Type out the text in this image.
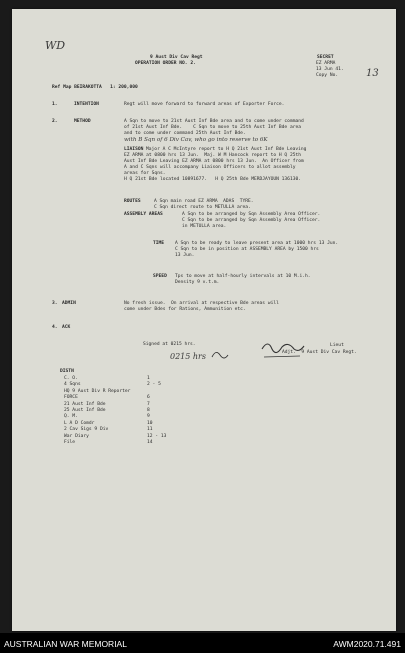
WD
9 Aust Div Cav Regt
OPERATION ORDER NO. 2.
SECRET
EZ ARMA
13 Jun 41.
Copy No.	13
Ref Map BEIRAKOTTA   1: 200,000
1.	INTENTION	Regt will move forward to forward areas of Exporter Force.
2.	METHOD	A Sqn to move to 21st Aust Inf Bde area and to come under command
of 21st Aust Inf Bde.    C Sqn to move to 25th Aust Inf Bde area
and to come under command 25th Aust Inf Bde.
with B Sqn of 6 Div Cav, who go into reserve to 6K
LIAISON Major A C McIntyre report to H Q 21st Aust Inf Bde Leaving
EZ ARMA at 0800 hrs 13 Jun.  Maj. W M Hancock report to H Q 25th
Aust Inf Bde Leaving EZ ARMA at 0800 hrs 13 Jun.  An Officer from
A and C Sqns will accompany Liaison Officers to allot assembly
areas for Sqns.
H Q 21st Bde located 10891677.   H Q 25th Bde MERDJAYOUN 136130.
ROUTES	A Sqn main road EZ ARMA  ADAS  TYRE.
C Sqn direct route to METULLA area.
ASSEMBLY AREAS	A Sqn to be arranged by Sqn Assembly Area Officer.
C Sqn to be arranged by Sqn Assembly Area Officer.
in METULLA area.
TIME A Sqn to be ready to leave present area at 1000 hrs 13 Jun.
C Sqn to be in position at ASSEMBLY AREA by 1500 hrs
13 Jun.
SPEED Tps to move at half-hourly intervals at 10 M.i.h.
Density 9 v.t.m.
3. ADMIN	No fresh issue.  On arrival at respective Bde areas will
come under Bdes for Rations, Ammunition etc.
4. ACK
Signed at 0215 hrs.
0215 hrs
Lieut
Adjt.  9 Aust Div Cav Regt.
DISTN
C. O.	1
4 Sqns	2 - 5
HQ 9 Aust Div R Reporter
FORCE	6
21 Aust Inf Bde	7
25 Aust Inf Bde	8
Q. M.	9
L A D Comdr	10
2 Cav Sigs 9 Div	11
War Diary	12 - 13
File	14
AUSTRALIAN WAR MEMORIAL	AWM2020.71.491
